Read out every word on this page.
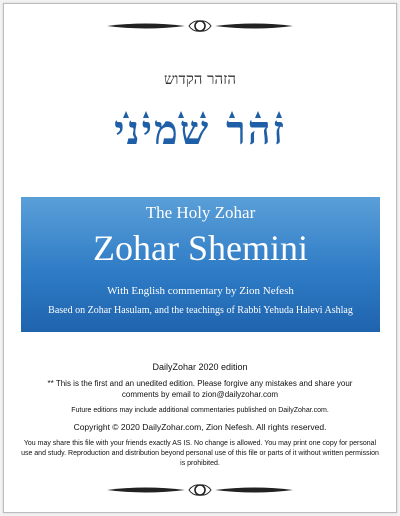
הזהר הקדוש
זהר שמיני
The Holy Zohar
Zohar Shemini
With English commentary by Zion Nefesh
Based on Zohar Hasulam, and the teachings of Rabbi Yehuda Halevi Ashlag
DailyZohar 2020 edition
** This is the first and an unedited edition. Please forgive any mistakes and share your comments by email to zion@dailyzohar.com
Future editions may include additional commentaries published on DailyZohar.com.
Copyright © 2020 DailyZohar.com, Zion Nefesh. All rights reserved.
You may share this file with your friends exactly AS IS. No change is allowed. You may print one copy for personal use and study. Reproduction and distribution beyond personal use of this file or parts of it without written permission is prohibited.
